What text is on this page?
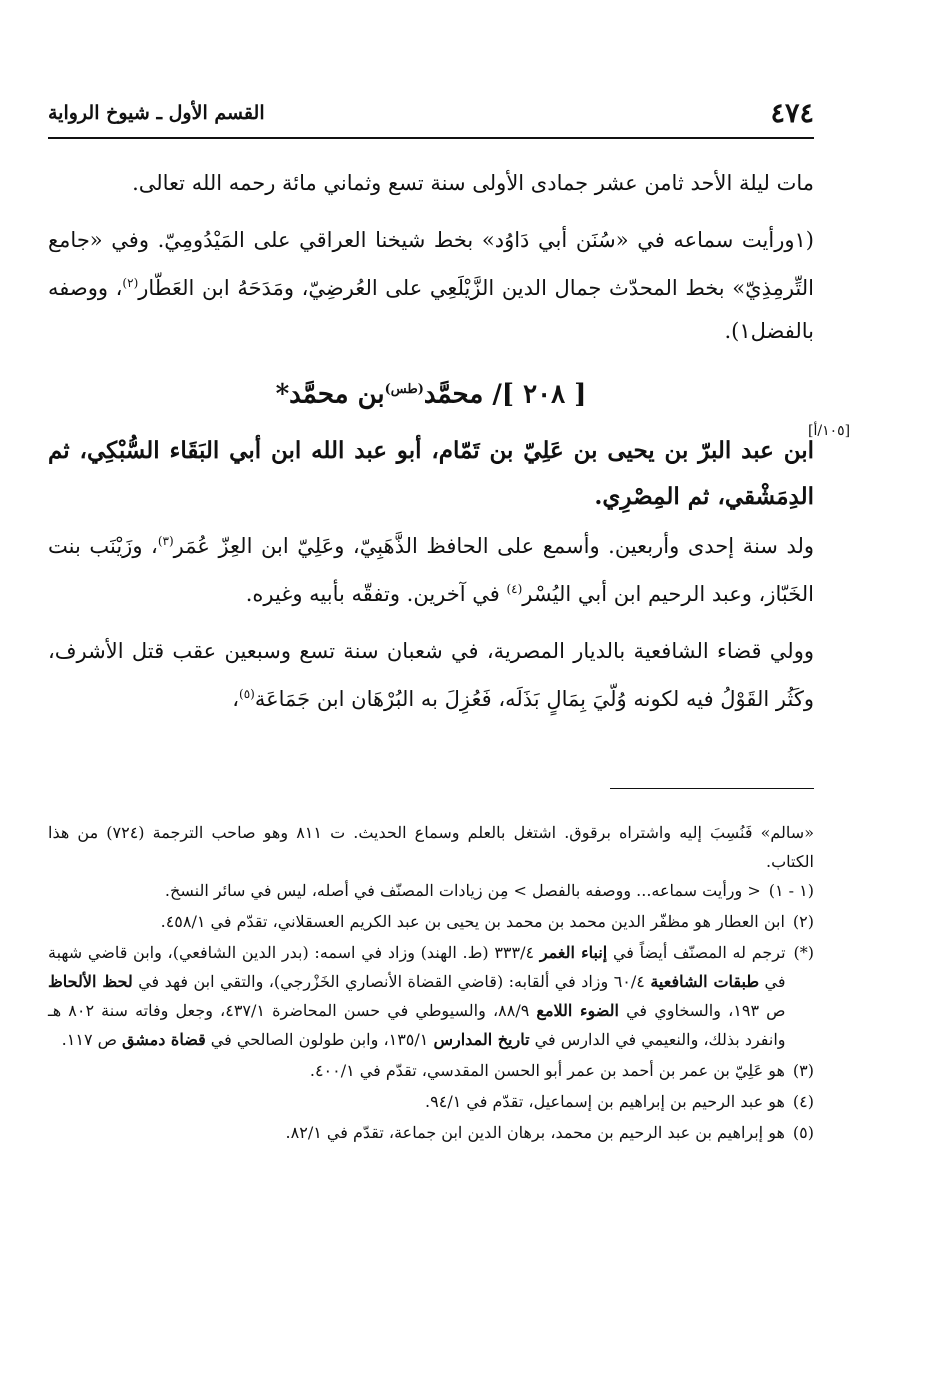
٤٧٤
القسم الأول ـ شيوخ الرواية
[١٠٥/أ]

مات ليلة الأحد ثامن عشر جمادى الأولى سنة تسع وثماني مائة رحمه الله تعالى.

(١ورأيت سماعه في «سُنَن أبي دَاوُد» بخط شيخنا العراقي على المَيْدُومِيّ. وفي «جامع التِّرمِذِيّ» بخط المحدّث جمال الدين الزَّيْلَعِي على العُرضِيّ، ومَدَحَهُ ابن العَطّار$^{(٢)}$، ووصفه بالفضل١).

[ ٢٠٨ ]/ محمَّد$^{(طس)}$بن محمَّد*

ابن عبد البرّ بن يحيى بن عَلِيّ بن تَمّام، أبو عبد الله ابن أبي البَقَاء السُّبْكِي، ثم الدِمَشْقي، ثم المِصْرِي.

ولد سنة إحدى وأربعين. وأسمع على الحافظ الذَّهَبِيّ، وعَلِيّ ابن العِزّ عُمَر$^{(٣)}$، وزَيْنَب بنت الخَبّاز، وعبد الرحيم ابن أبي اليُسْر$^{(٤)}$ في آخرين. وتفقّه بأبيه وغيره.

وولي قضاء الشافعية بالديار المصرية، في شعبان سنة تسع وسبعين عقب قتل الأشرف، وكَثُر القَوْلُ فيه لكونه وُلّيَ بِمَالٍ بَذَلَه، فَعُزِلَ به البُرْهَان ابن جَمَاعَة$^{(٥)}$،

«سالم» فَنُسِبَ إليه واشتراه برقوق. اشتغل بالعلم وسماع الحديث. ت ٨١١ وهو صاحب الترجمة (٧٢٤) من هذا الكتاب.

(١ - ١)
< ورأيت سماعه... ووصفه بالفصل > مِن زيادات المصنّف في أصله، ليس في سائر النسخ.
(٢)
ابن العطار هو مظفّر الدين محمد بن محمد بن يحيى بن عبد الكريم العسقلاني، تقدّم في ٤٥٨/١.
(*)
ترجم له المصنّف أيضاً في إنباء الغمر ٣٣٣/٤ (ط. الهند) وزاد في اسمه: (بدر الدين الشافعي)، وابن قاضي شهبة في طبقات الشافعية ٦٠/٤ وزاد في ألقابه: (قاضي القضاة الأنصاري الخَزْرجي)، والتقي ابن فهد في لحظ الألحاظ ص ١٩٣، والسخاوي في الضوء اللامع ٨٨/٩، والسيوطي في حسن المحاضرة ٤٣٧/١، وجعل وفاته سنة ٨٠٢ هـ وانفرد بذلك، والنعيمي في الدارس في تاريخ المدارس ١٣٥/١، وابن طولون الصالحي في قضاة دمشق ص ١١٧.
(٣)
هو عَلِيّ بن عمر بن أحمد بن عمر أبو الحسن المقدسي، تقدّم في ٤٠٠/١.
(٤)
هو عبد الرحيم بن إبراهيم بن إسماعيل، تقدّم في ٩٤/١.
(٥)
هو إبراهيم بن عبد الرحيم بن محمد، برهان الدين ابن جماعة، تقدّم في ٨٢/١.
